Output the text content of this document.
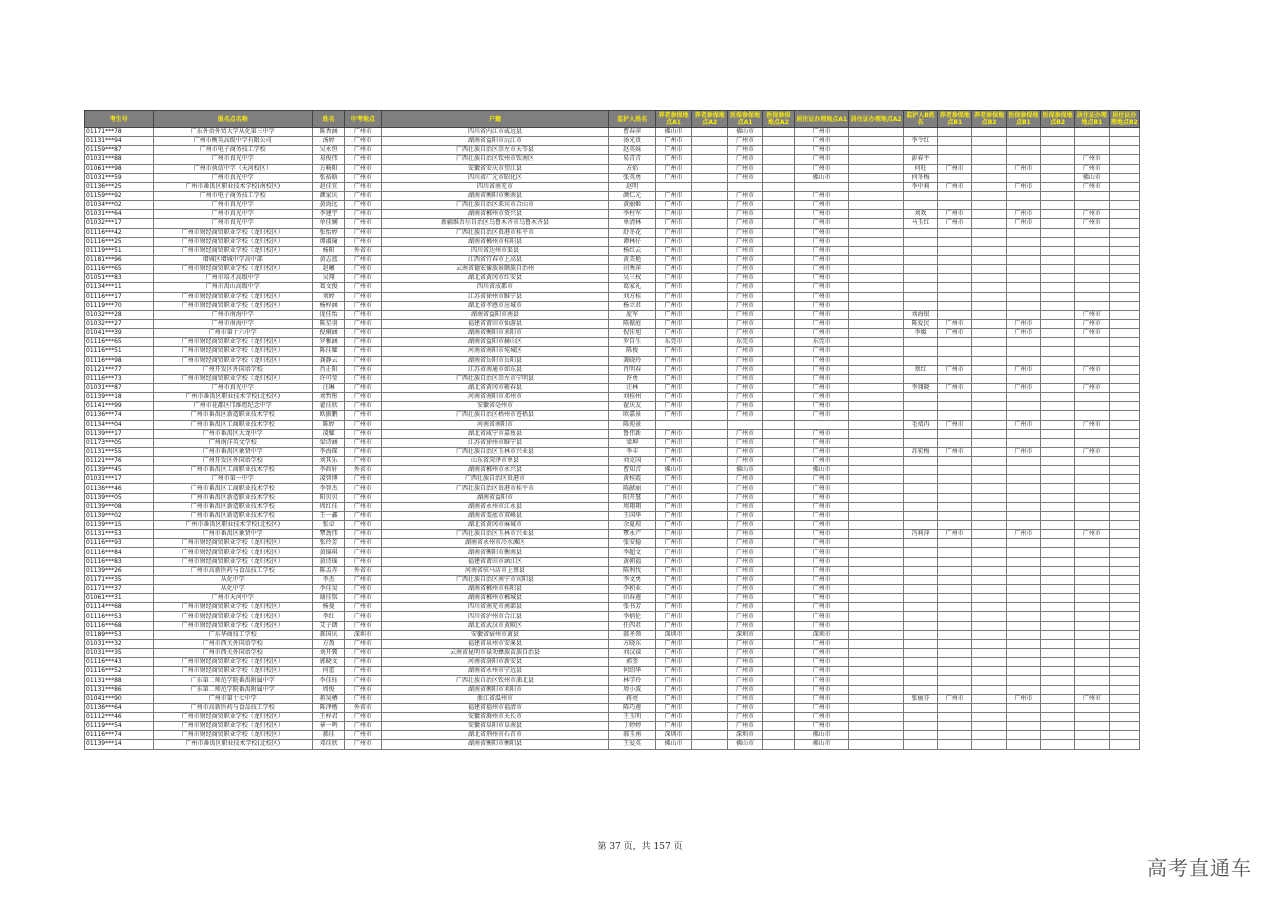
考生号	报名点名称	姓名	中考地点	户籍	监护人姓名	养老参保地点A1	养老参保地点A2	医保参保地点A1	医保参保地点A2	居住证办理地点A1	居住证办理地点A2	监护人B姓名	养老参保地点B1	养老参保地点B2	医保参保地点B1	医保参保地点B2	居住证办理地点B1	居住证办理地点B2
01171***78	广东外语外贸大学从化第三中学	陈香涵	广州市	四川省内江市威远县	曹春萍	佛山市		佛山市		广州市								
01131***94	广州市衡英高级中学有限公司	汤婷	广州市	湖南省益阳市沅江市	汤光贵	广州市		广州市		广州市		李令红						
01159***87	广州市电子商务技工学校	吴永恒	广州市	广西壮族自治区崇左市天等县	赵英妹	广州市		广州市		广州市								
01031***88	广州市真光中学	易俊伟	广州市	广西壮族自治区钦州市钦南区	易青青	广州市		广州市		广州市		彭春平					广州市	
01061***98	广州市执信中学（天河校区）	方畅阳	广州市	安徽省安庆市望江县	方焰	广州市		广州市		广州市		何旺	广州市		广州市		广州市	
01031***59	广州市真光中学	张裕晗	广州市	四川省广元市昭化区	张英勇	广州市		广州市		佛山市		何冬梅					佛山市	
01136***25	广州市番禺区职业技术学校(南校区)	赵佳宜	广州市	四川省南充市	赵明							李中莉	广州市		广州市		广州市	
01159***92	广州市电子商务技工学校	颜家庆	广州市	湖南省衡阳市衡南县	颜仁元	广州市		广州市		广州市								
01034***02	广州市真光中学	黄海远	广州市	广西壮族自治区来宾市合山市	黄丽姬	广州市		广州市		广州市								
01031***64	广州市真光中学	李建宇	广州市	湖南省郴州市资兴县	李柱军	广州市		广州市		广州市		刘欢	广州市		广州市		广州市	
01032***17	广州市真光中学	单佳娴	广州市	新疆维吾尔自治区乌鲁木齐市乌鲁木齐县	单清林	广州市		广州市		广州市		马玉红	广州市		广州市		广州市	
01116***42	广州市财经商贸职业学校（龙归校区）	张怡婷	广州市	广西壮族自治区贵港市桂平市	舒冬花	广州市		广州市		广州市								
01116***25	广州市财经商贸职业学校（龙归校区）	谭淑瑜	广州市	湖南省郴州市桂阳县	谭林仔	广州市		广州市		广州市								
01119***51	广州市财经商贸职业学校（龙归校区）	杨阳	外省市	四川省达州市渠县	杨红云	广州市		广州市		广州市								
01181***96	增城区增城中学高中部	黄志蓝	广州市	江西省宜春市上高县	黄美艳	广州市		广州市		广州市								
01116***65	广州市财经商贸职业学校（龙归校区）	赵曦	广州市	云南省德宏傣族景颇族自治州	田秀萍	广州市		广州市		广州市								
01051***83	广州市培才高级中学	吴翔	广州市	湖北省黄冈市红安县	吴三权	广州市		广州市		广州市								
01134***11	广州市禺山高级中学	葛文俊	广州市	四川省成都市	葛家礼	广州市		广州市		广州市								
01116***17	广州市财经商贸职业学校（龙归校区）	刘婷	广州市	江苏省徐州市睢宁县	刘方桂	广州市		广州市		广州市								
01119***70	广州市财经商贸职业学校（龙归校区）	杨梓涵	广州市	湖北省孝感市应城市	杨立君	广州市		广州市		广州市								
01032***28	广州市南海中学	庞佳怡	广州市	湖南省益阳市南县	庞军	广州市		广州市		广州市		刘海银					广州市	
01032***27	广州市南海中学	陈星羽	广州市	福建省莆田市仙游县	陈振庭	广州市		广州市		广州市		陈爱民	广州市		广州市		广州市	
01041***39	广州市第十六中学	倪桐涵	广州市	湖南省衡阳市耒阳市	倪佳旭	广州市		广州市		广州市		李媛	广州市		广州市		广州市	
01116***65	广州市财经商贸职业学校（龙归校区）	罗雅涵	广州市	湖南省益阳市赫山区	罗自生	东莞市		东莞市		东莞市								
01116***51	广州市财经商贸职业学校（龙归校区）	陈佳耀	广州市	河南省南阳市宛城区	陈俊	广州市		广州市		广州市								
01116***98	广州市财经商贸职业学校（龙归校区）	龚静云	广州市	湖南省岳阳市岳阳县	龚晓玲	广州市		广州市		广州市								
01121***77	广州开发区外国语学校	肖正阳	广州市	江苏省南通市如东县	肖明春	广州市		广州市		广州市		蔡红	广州市		广州市		广州市	
01116***73	广州市财经商贸职业学校（龙归校区）	许可莹	广州市	广西壮族自治区崇左市宁明县	许勇	广州市		广州市		广州市								
01031***87	广州市真光中学	汪琳	广州市	湖北省黄冈市蕲春县	汪林	广州市		广州市		广州市		李翎晓	广州市		广州市		广州市	
01139***18	广州市番禺区职业技术学校(北校区)	刘哲彤	广州市	河南省南阳市邓州市	刘桂州	广州市		广州市		广州市								
01141***99	广州市花都区邝维煜纪念中学	翟佳欣	广州市	安徽省亳州市	翟庆友	广州市		广州市		广州市								
01136***74	广州市番禺区新造职业技术学校	欧振鹏	广州市	广西壮族自治区梧州市苍梧县	欧嘉景	广州市		广州市		广州市								
01134***04	广州市番禺区工商职业技术学校	陈婷	广州市	河南省南阳市	陈苑景							毛靖冉	广州市		广州市		广州市	
01139***17	广州市番禺区大龙中学	凌耀	广州市	湖北省咸宁市嘉鱼县	鲁伟新	广州市		广州市		广州市								
01173***05	广州南洋英文学校	梁诗涵	广州市	江苏省徐州市睢宁县	梁坤	广州市		广州市		广州市								
01131***55	广州市番禺区象贤中学	李海琛	广州市	广西壮族自治区玉林市兴业县	李丰	广州市		广州市		广州市		苏宏梅	广州市		广州市		广州市	
01121***76	广州开发区外国语学校	刘其乐	广州市	山东省菏泽市单县	刘克国	广州市		广州市		广州市								
01139***45	广州市番禺区工商职业技术学校	李政轩	外省市	湖南省郴州市永兴县	曹知音	佛山市		佛山市		佛山市								
01031***17	广州市第一中学	凌智博	广州市	广西壮族自治区贵港市	黄桂霞	广州市		广州市		广州市								
01136***46	广州市番禺区工商职业技术学校	李智杰	广州市	广西壮族自治区贵港市桂平市	陈献丽	广州市		广州市		广州市								
01139***05	广州市番禺区新造职业技术学校	阳贝贝	广州市	湖南省益阳市	阳开慧	广州市		广州市		广州市								
01139***08	广州市番禺区新造职业技术学校	周红佳	广州市	湖南省永州市江永县	周翔翔	广州市		广州市		广州市								
01139***02	广州市番禺区新造职业技术学校	王一鑫	广州市	湖南省娄底市双峰县	王国华	广州市		广州市		广州市								
01139***15	广州市番禺区职业技术学校(北校区)	张卓	广州市	湖北省黄冈市麻城市	余夏琼	广州市		广州市		广州市								
01131***53	广州市番禺区象贤中学	覃劲伟	广州市	广西壮族自治区玉林市兴业县	覃永产	广州市		广州市		广州市		冯莉萍	广州市		广州市		广州市	
01116***93	广州市财经商贸职业学校（龙归校区）	张玲芳	广州市	湖南省永州市冷水滩区	张安稳	广州市		广州市		广州市								
01116***84	广州市财经商贸职业学校（龙归校区）	黄锦琪	广州市	湖南省衡阳市衡南县	李超文	广州市		广州市		广州市								
01116***83	广州市财经商贸职业学校（龙归校区）	黄诗瑶	广州市	福建省莆田市涵江区	黄朝福	广州市		广州市		广州市								
01139***26	广州市高新医药与食品技工学校	陈孟赤	外省市	河南省驻马店市上蔡县	陈利伐	广州市		广州市		广州市								
01171***35	从化中学	李杰	广州市	广西壮族自治区南宁市宾阳县	李文勇	广州市		广州市		广州市								
01171***37	从化中学	李佳昊	广州市	湖南省郴州市桂阳县	李积业	广州市		广州市		广州市								
01061***31	广州市天河中学	谢佳铭	广州市	湖南省郴州市郴城县	田春莲	广州市		广州市		广州市								
01114***68	广州市财经商贸职业学校（龙归校区）	杨曼	广州市	四川省南充市南部县	张书芳	广州市		广州市		广州市								
01116***53	广州市财经商贸职业学校（龙归校区）	李红	广州市	四川省泸州市合江县	李炳伦	广州市		广州市		广州市								
01116***68	广州市财经商贸职业学校（龙归校区）	艾子朗	广州市	湖北省武汉市黄陂区	任四君	广州市		广州市		广州市								
01189***53	广东华商技工学校	郝国庆	深圳市	安徽省宿州市萧县	郝圣领	深圳市		深圳市		深圳市								
01031***32	广州市西关外国语学校	方盈	广州市	福建省泉州市安溪县	方晓东	广州市		广州市		广州市								
01031***35	广州市西关外国语学校	刘开冀	广州市	云南省昆明市禄劝彝族苗族自治县	刘汉禄	广州市		广州市		广州市								
01116***43	广州市财经商贸职业学校（龙归校区）	郭晓文	广州市	河南省洛阳市新安县	郭奎	广州市		广州市		广州市								
01116***52	广州市财经商贸职业学校（龙归校区）	何蕾	广州市	湖南省永州市宁远县	何绍华	广州市		广州市		广州市								
01131***88	广东第二师范学院番禺附属中学	李佳钰	广州市	广西壮族自治区钦州市浦北县	林学玲	广州市		广州市		广州市								
01131***86	广东第二师范学院番禺附属中学	周俊	广州市	湖南省衡阳市耒阳市	周小波	广州市		广州市		广州市								
01041***90	广州市第十七中学	蒋昊栖	广州市	浙江省温州市	蒋亮	广州市		广州市		广州市		张丽芬	广州市		广州市		广州市	
01136***64	广州市高新医药与食品技工学校	陈泽楷	外省市	福建省福州市福清市	陈巧莲	广州市		广州市		广州市								
01112***46	广州市财经商贸职业学校（龙归校区）	王梓君	广州市	安徽省滁州市天长市	王玉明	广州市		广州市		广州市								
01119***54	广州市财经商贸职业学校（龙归校区）	章一鸣	广州市	安徽省阜阳市阜南县	丁婷婷	广州市		广州市		广州市								
01116***74	广州市财经商贸职业学校（龙归校区）	郝佳	广州市	湖北省荆州市石首市	郝玉南	深圳市		深圳市		佛山市								
01139***14	广州市番禺区职业技术学校(北校区)	邓佳欣	广州市	湖南省衡阳市衡阳县	王爱英	佛山市		佛山市		佛山市								
第 37 页，共 157 页
高考直通车
